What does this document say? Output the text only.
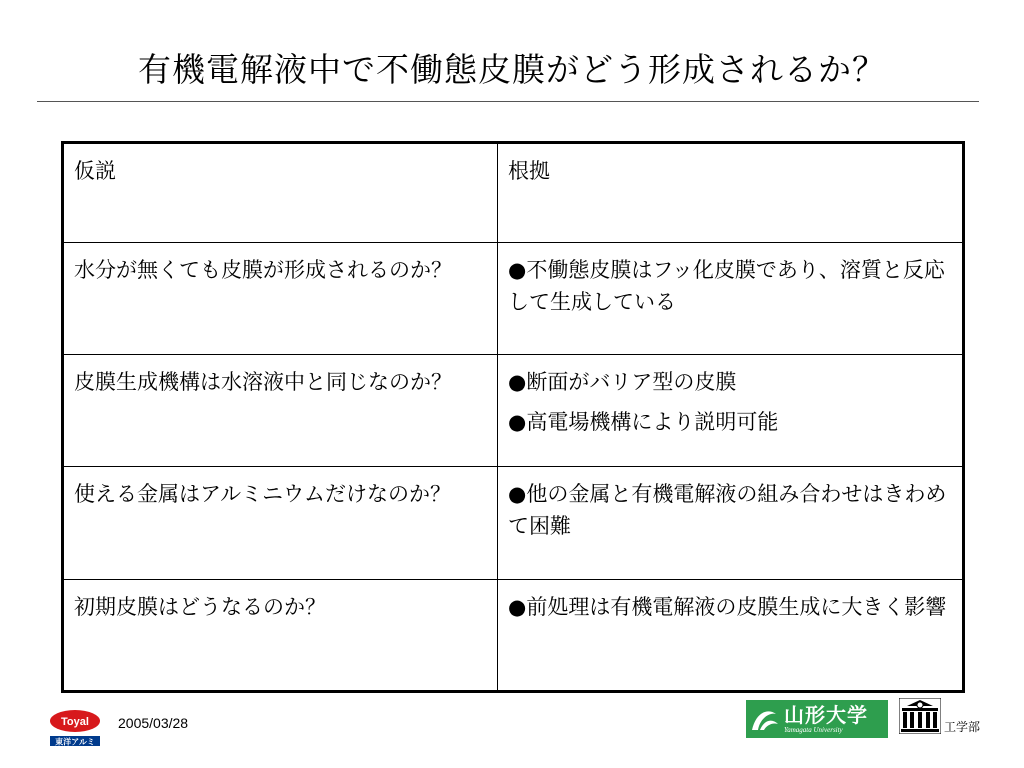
有機電解液中で不働態皮膜がどう形成されるか？
仮説	根拠
水分が無くても皮膜が形成されるのか？	●不働態皮膜はフッ化皮膜であり、溶質と反応して生成している

皮膜生成機構は水溶液中と同じなのか？	●断面がバリア型の皮膜
●高電場機構により説明可能

使える金属はアルミニウムだけなのか？	●他の金属と有機電解液の組み合わせはきわめて困難

初期皮膜はどうなるのか？	●前処理は有機電解液の皮膜生成に大きく影響
Toyal
東洋アルミ
2005/03/28	山形大学
Yamagata University	工学部
